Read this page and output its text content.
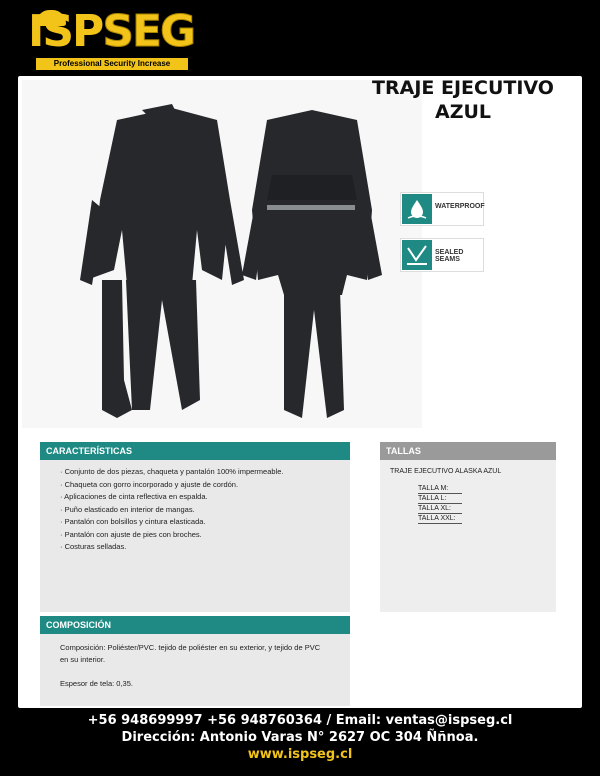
ISPSEG
Professional Security Increase
TRAJE EJECUTIVO
AZUL
WATERPROOF
SEALED SEAMS
CARACTERÍSTICAS
· Conjunto de dos piezas, chaqueta y pantalón 100% impermeable.
· Chaqueta con gorro incorporado y ajuste de cordón.
· Aplicaciones de cinta reflectiva en espalda.
· Puño elasticado en interior de mangas.
· Pantalón con bolsillos y cintura elasticada.
· Pantalón con ajuste de pies con broches.
· Costuras selladas.
TALLAS
TRAJE EJECUTIVO ALASKA AZUL
TALLA M:
TALLA L:
TALLA XL:
TALLA XXL:
COMPOSICIÓN

Composición: Poliéster/PVC. tejido de poliéster en su exterior, y tejido de PVC en su interior.

Espesor de tela: 0,35.

+56 948699997 +56 948760364 / Email: ventas@ispseg.cl
Dirección: Antonio Varas N° 2627 OC 304 Ññnoa.
www.ispseg.cl
